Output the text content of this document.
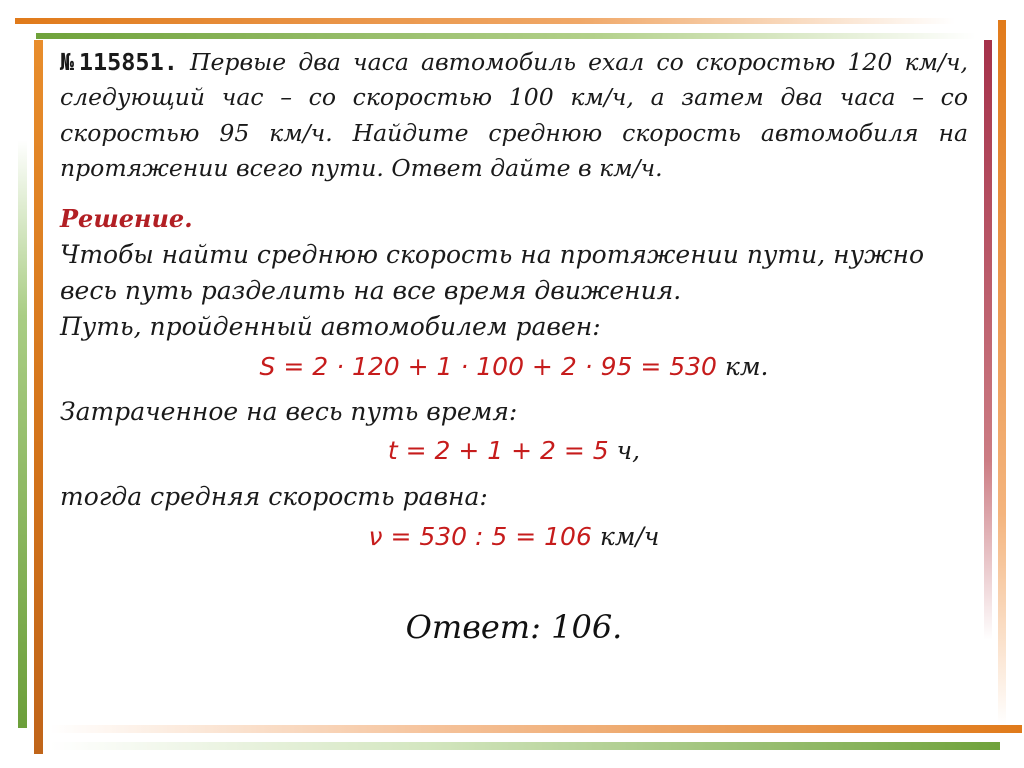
№115851. Первые два часа автомобиль ехал со скоростью 120 км/ч, следующий час – со скоростью 100 км/ч, а затем два часа – со скоростью 95 км/ч. Найдите среднюю скорость автомобиля на протяжении всего пути. Ответ дайте в км/ч.
Решение.
Чтобы найти среднюю скорость на протяжении пути, нужно
весь путь разделить на все время движения.
Путь, пройденный автомобилем равен:
S = 2 · 120 + 1 · 100 + 2 · 95 = 530 км.
Затраченное на весь путь время:
t = 2 + 1 + 2 = 5 ч,
тогда средняя скорость равна:
ν = 530 : 5 = 106 км/ч
Ответ: 106.
